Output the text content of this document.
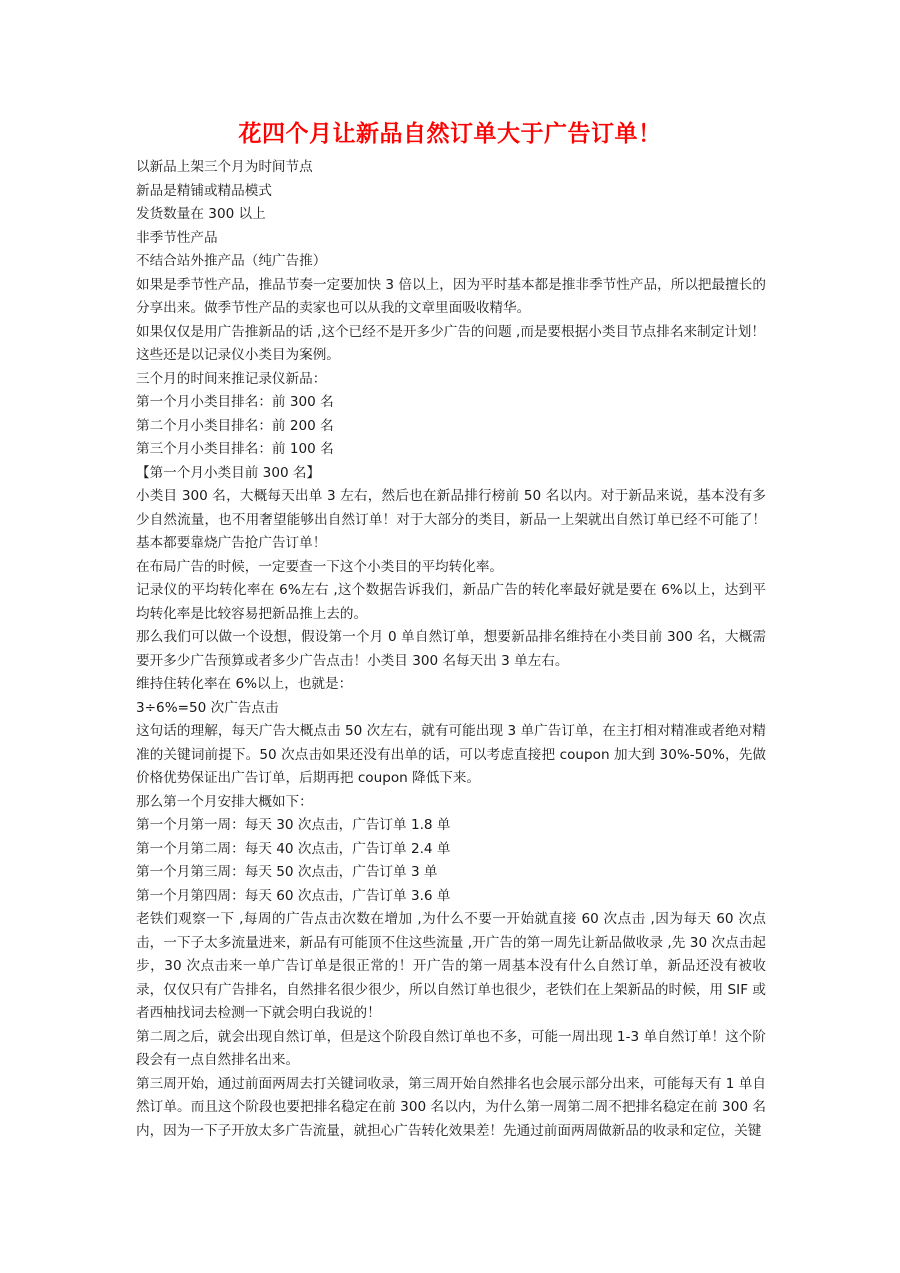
花四个月让新品自然订单大于广告订单！

以新品上架三个月为时间节点

新品是精铺或精品模式

发货数量在 300 以上

非季节性产品

不结合站外推产品（纯广告推）

如果是季节性产品，推品节奏一定要加快 3 倍以上，因为平时基本都是推非季节性产品，所以把最擅长的分享出来。做季节性产品的卖家也可以从我的文章里面吸收精华。

如果仅仅是用广告推新品的话 ,这个已经不是开多少广告的问题 ,而是要根据小类目节点排名来制定计划！

这些还是以记录仪小类目为案例。

三个月的时间来推记录仪新品：

第一个月小类目排名：前 300 名

第二个月小类目排名：前 200 名

第三个月小类目排名：前 100 名

【第一个月小类目前 300 名】

小类目 300 名，大概每天出单 3 左右，然后也在新品排行榜前 50 名以内。对于新品来说，基本没有多少自然流量，也不用奢望能够出自然订单！对于大部分的类目，新品一上架就出自然订单已经不可能了！基本都要靠烧广告抢广告订单！

在布局广告的时候，一定要查一下这个小类目的平均转化率。

记录仪的平均转化率在 6%左右 ,这个数据告诉我们，新品广告的转化率最好就是要在 6%以上，达到平均转化率是比较容易把新品推上去的。

那么我们可以做一个设想，假设第一个月 0 单自然订单，想要新品排名维持在小类目前 300 名，大概需要开多少广告预算或者多少广告点击！小类目 300 名每天出 3 单左右。

维持住转化率在 6%以上，也就是：

3÷6%=50 次广告点击

这句话的理解，每天广告大概点击 50 次左右，就有可能出现 3 单广告订单，在主打相对精准或者绝对精准的关键词前提下。50 次点击如果还没有出单的话，可以考虑直接把 coupon 加大到 30%-50%，先做价格优势保证出广告订单，后期再把 coupon 降低下来。

那么第一个月安排大概如下：

第一个月第一周：每天 30 次点击，广告订单 1.8 单

第一个月第二周：每天 40 次点击，广告订单 2.4 单

第一个月第三周：每天 50 次点击，广告订单 3 单

第一个月第四周：每天 60 次点击，广告订单 3.6 单

老铁们观察一下 ,每周的广告点击次数在增加 ,为什么不要一开始就直接 60 次点击 ,因为每天 60 次点击，一下子太多流量进来，新品有可能顶不住这些流量 ,开广告的第一周先让新品做收录 ,先 30 次点击起步，30 次点击来一单广告订单是很正常的！开广告的第一周基本没有什么自然订单，新品还没有被收录，仅仅只有广告排名，自然排名很少很少，所以自然订单也很少，老铁们在上架新品的时候，用 SIF 或者西柚找词去检测一下就会明白我说的！

第二周之后，就会出现自然订单，但是这个阶段自然订单也不多，可能一周出现 1-3 单自然订单！这个阶段会有一点自然排名出来。

第三周开始，通过前面两周去打关键词收录，第三周开始自然排名也会展示部分出来，可能每天有 1 单自然订单。而且这个阶段也要把排名稳定在前 300 名以内，为什么第一周第二周不把排名稳定在前 300 名内，因为一下子开放太多广告流量，就担心广告转化效果差！先通过前面两周做新品的收录和定位，关键
